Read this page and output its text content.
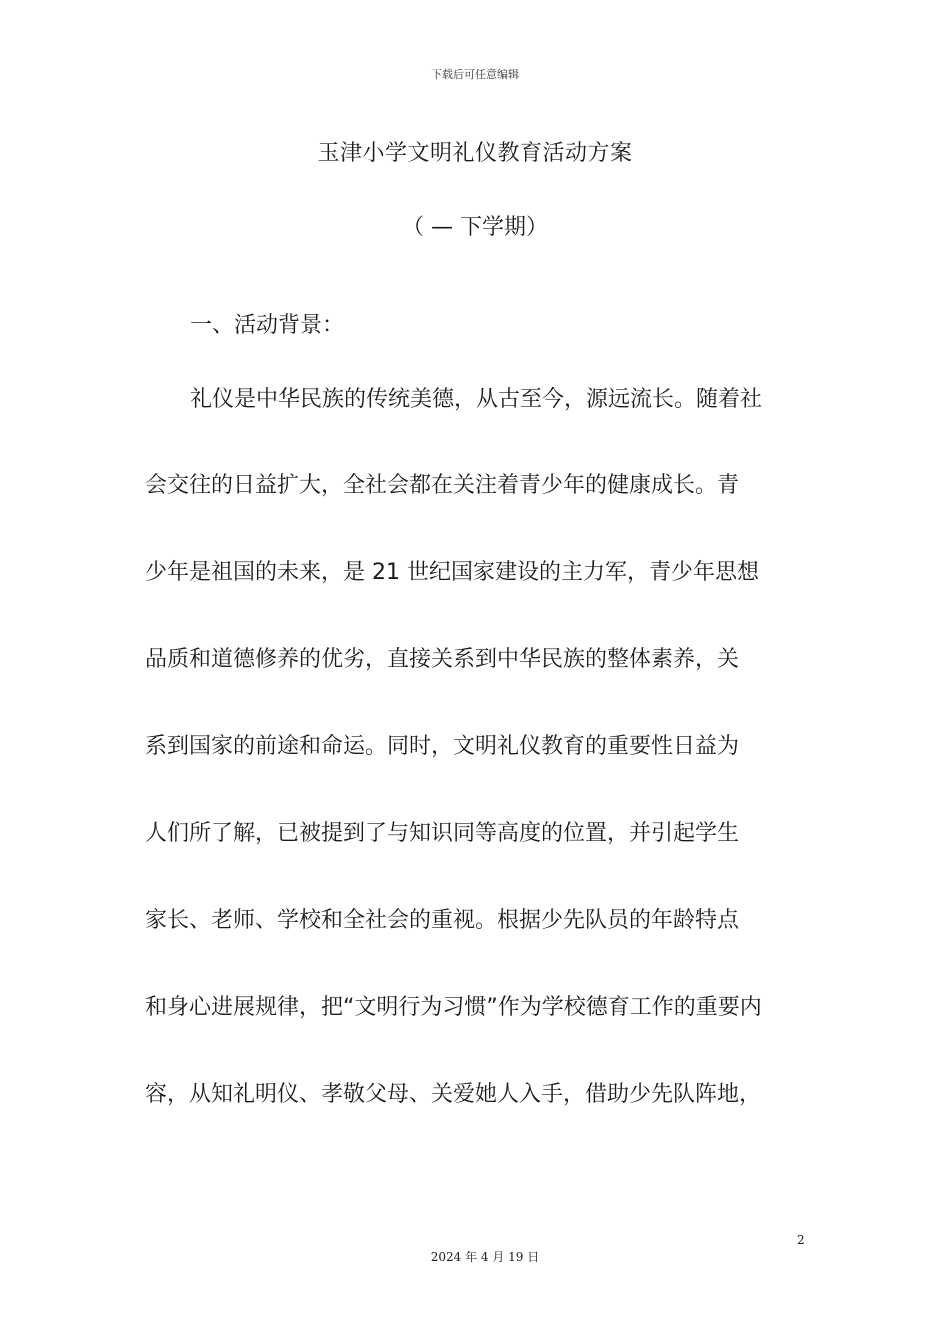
下载后可任意编辑
玉津小学文明礼仪教育活动方案
（ — 下学期）
一、活动背景：
礼仪是中华民族的传统美德，从古至今，源远流长。随着社
会交往的日益扩大，全社会都在关注着青少年的健康成长。青
少年是祖国的未来，是 21 世纪国家建设的主力军，青少年思想
品质和道德修养的优劣，直接关系到中华民族的整体素养，关
系到国家的前途和命运。同时，文明礼仪教育的重要性日益为
人们所了解，已被提到了与知识同等高度的位置，并引起学生
家长、老师、学校和全社会的重视。根据少先队员的年龄特点
和身心进展规律，把“文明行为习惯”作为学校德育工作的重要内
容，从知礼明仪、孝敬父母、关爱她人入手，借助少先队阵地，
2
2024 年 4 月 19 日
